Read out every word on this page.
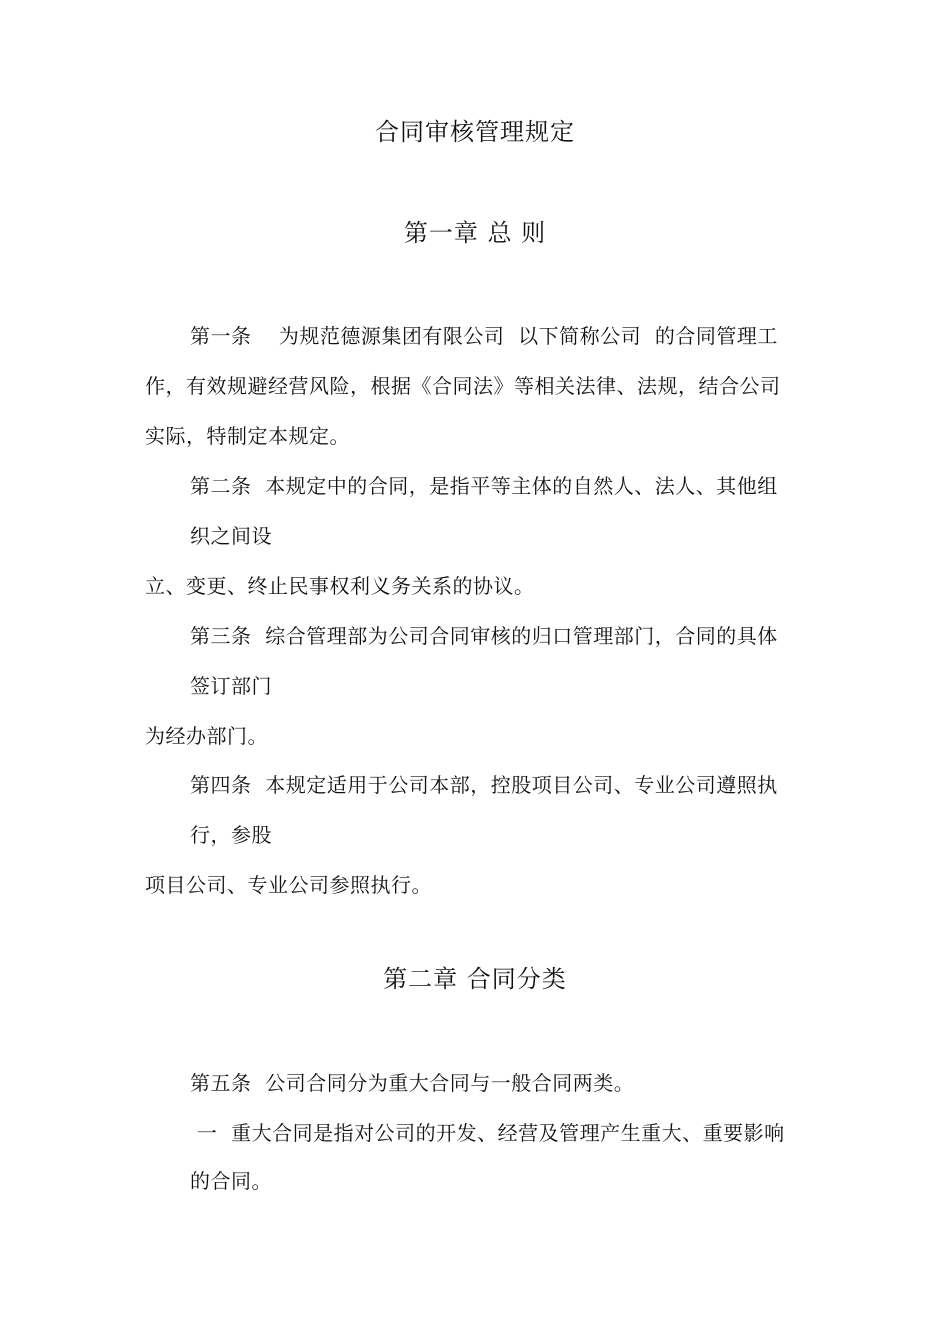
合同审核管理规定
第一章 总 则
第一条    为规范德源集团有限公司  以下简称公司  的合同管理工
作，有效规避经营风险，根据《合同法》等相关法律、法规，结合公司
实际，特制定本规定。
第二条  本规定中的合同，是指平等主体的自然人、法人、其他组
织之间设
立、变更、终止民事权利义务关系的协议。
第三条  综合管理部为公司合同审核的归口管理部门，合同的具体
签订部门
为经办部门。
第四条  本规定适用于公司本部，控股项目公司、专业公司遵照执
行，参股
项目公司、专业公司参照执行。
第二章 合同分类
第五条  公司合同分为重大合同与一般合同两类。
一  重大合同是指对公司的开发、经营及管理产生重大、重要影响
的合同。
